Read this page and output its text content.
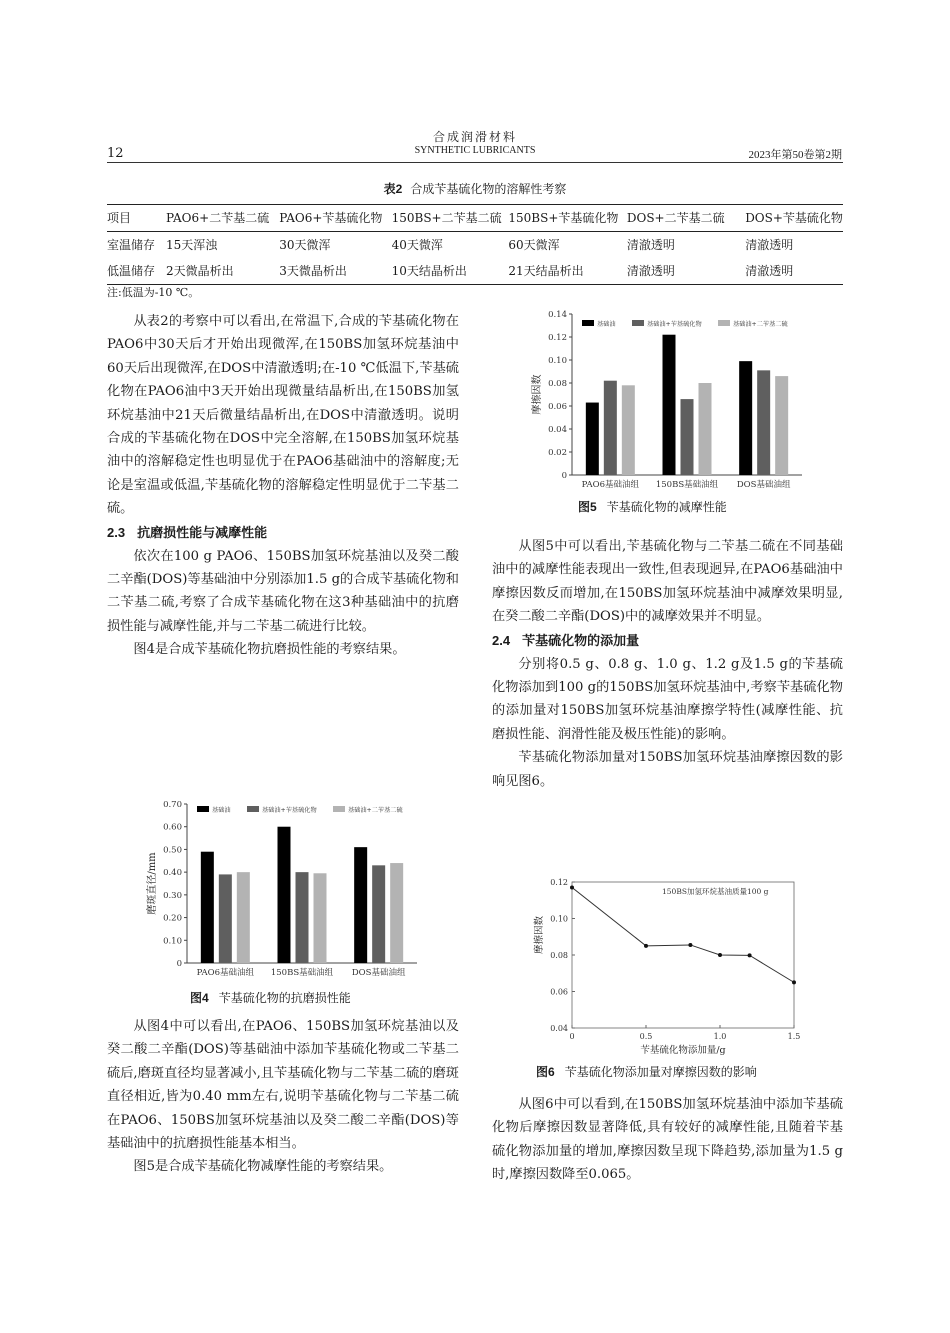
12
合成润滑材料
SYNTHETIC LUBRICANTS	2023年第50卷第2期
表2 合成苄基硫化物的溶解性考察
项目	PAO6+二苄基二硫	PAO6+苄基硫化物	150BS+二苄基二硫	150BS+苄基硫化物	DOS+二苄基二硫	DOS+苄基硫化物
室温储存	15天浑浊	30天微浑	40天微浑	60天微浑	清澈透明	清澈透明
低温储存	2天微晶析出	3天微晶析出	10天结晶析出	21天结晶析出	清澈透明	清澈透明
注:低温为-10 ℃。

从表2的考察中可以看出,在常温下,合成的苄基硫化物在PAO6中30天后才开始出现微浑,在150BS加氢环烷基油中60天后出现微浑,在DOS中清澈透明;在-10 ℃低温下,苄基硫化物在PAO6油中3天开始出现微量结晶析出,在150BS加氢环烷基油中21天后微量结晶析出,在DOS中清澈透明。说明合成的苄基硫化物在DOS中完全溶解,在150BS加氢环烷基油中的溶解稳定性也明显优于在PAO6基础油中的溶解度;无论是室温或低温,苄基硫化物的溶解稳定性明显优于二苄基二硫。

2.3 抗磨损性能与减摩性能

依次在100 g PAO6、150BS加氢环烷基油以及癸二酸二辛酯(DOS)等基础油中分别添加1.5 g的合成苄基硫化物和二苄基二硫,考察了合成苄基硫化物在这3种基础油中的抗磨损性能与减摩性能,并与二苄基二硫进行比较。

图4是合成苄基硫化物抗磨损性能的考察结果。

0
0.10
0.20
0.30
0.40
0.50
0.60
0.70
磨斑直径/mm
PAO6基础油组 150BS基础油组 DOS基础油组
基础油	基础油+苄基硫化物	基础油+二苄基二硫
图4 苄基硫化物的抗磨损性能

从图4中可以看出,在PAO6、150BS加氢环烷基油以及癸二酸二辛酯(DOS)等基础油中添加苄基硫化物或二苄基二硫后,磨斑直径均显著减小,且苄基硫化物与二苄基二硫的磨斑直径相近,皆为0.40 mm左右,说明苄基硫化物与二苄基二硫在PAO6、150BS加氢环烷基油以及癸二酸二辛酯(DOS)等基础油中的抗磨损性能基本相当。

图5是合成苄基硫化物减摩性能的考察结果。

0
0.02
0.04
0.06
0.08
0.10
0.12
0.14
摩擦因数
PAO6基础油组 150BS基础油组 DOS基础油组
基础油	基础油+苄基硫化物	基础油+二苄基二硫
图5 苄基硫化物的减摩性能

从图5中可以看出,苄基硫化物与二苄基二硫在不同基础油中的减摩性能表现出一致性,但表现迥异,在PAO6基础油中摩擦因数反而增加,在150BS加氢环烷基油中减摩效果明显,在癸二酸二辛酯(DOS)中的减摩效果并不明显。

2.4 苄基硫化物的添加量

分别将0.5 g、0.8 g、1.0 g、1.2 g及1.5 g的苄基硫化物添加到100 g的150BS加氢环烷基油中,考察苄基硫化物的添加量对150BS加氢环烷基油摩擦学特性(减摩性能、抗磨损性能、润滑性能及极压性能)的影响。

苄基硫化物添加量对150BS加氢环烷基油摩擦因数的影响见图6。

0.04
0.06
0.08
0.10
0.12
0	0.5	1.0	1.5
苄基硫化物添加量/g
摩擦因数
150BS加氢环烷基油质量100 g
图6 苄基硫化物添加量对摩擦因数的影响

从图6中可以看到,在150BS加氢环烷基油中添加苄基硫化物后摩擦因数显著降低,具有较好的减摩性能,且随着苄基硫化物添加量的增加,摩擦因数呈现下降趋势,添加量为1.5 g时,摩擦因数降至0.065。
